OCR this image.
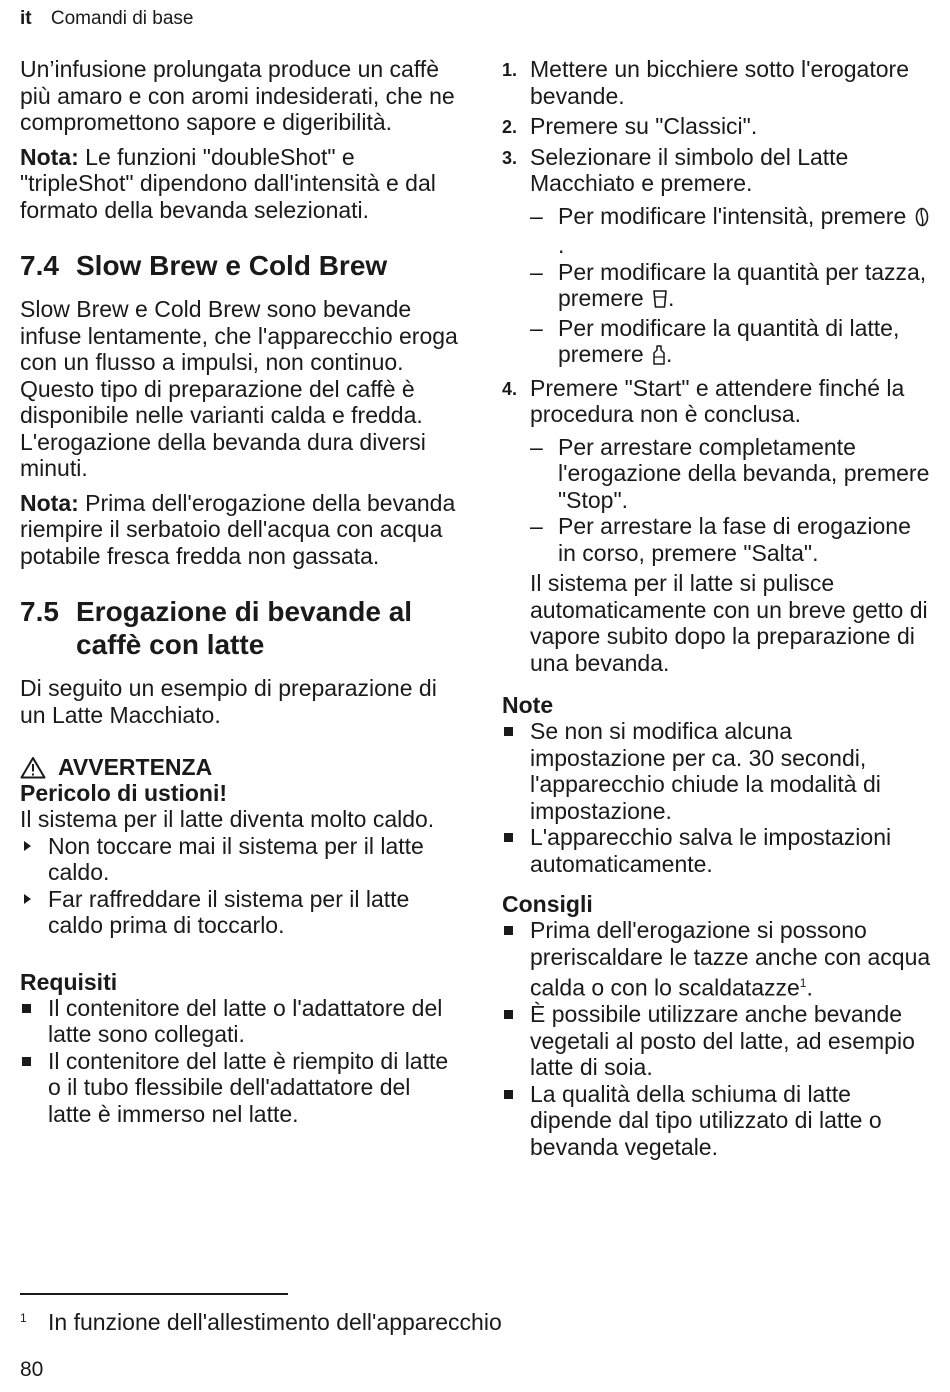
it Comandi di base

Un’infusione prolungata produce un caffè più amaro e con aromi indesiderati, che ne compromettono sapore e digeribilità.

Nota: Le funzioni "doubleShot" e "tripleShot" dipendono dall'intensità e dal formato della bevanda selezionati.

7.4 Slow Brew e Cold Brew

Slow Brew e Cold Brew sono bevande infuse lentamente, che l'apparecchio eroga con un flusso a impulsi, non continuo. Questo tipo di preparazione del caffè è disponibile nelle varianti calda e fredda. L'erogazione della bevanda dura diversi minuti.

Nota: Prima dell'erogazione della bevanda riempire il serbatoio dell'acqua con acqua potabile fresca fredda non gassata.

7.5 Erogazione di bevande al caffè con latte

Di seguito un esempio di preparazione di un Latte Macchiato.

AVVERTENZA
Pericolo di ustioni!

Il sistema per il latte diventa molto caldo.

Non toccare mai il sistema per il latte caldo.
Far raffreddare il sistema per il latte caldo prima di toccarlo.
Requisiti
Il contenitore del latte o l'adattatore del latte sono collegati.
Il contenitore del latte è riempito di latte o il tubo flessibile dell'adattatore del latte è immerso nel latte.
1. Mettere un bicchiere sotto l'erogatore bevande.
2. Premere su "Classici".
3. Selezionare il simbolo del Latte Macchiato e premere.
– Per modificare l'intensità, premere .
– Per modificare la quantità per tazza, premere .
– Per modificare la quantità di latte, premere .
4. Premere "Start" e attendere finché la procedura non è conclusa.
– Per arrestare completamente l'erogazione della bevanda, premere "Stop".
– Per arrestare la fase di erogazione in corso, premere "Salta".
Il sistema per il latte si pulisce automaticamente con un breve getto di vapore subito dopo la preparazione di una bevanda.
Note
Se non si modifica alcuna impostazione per ca. 30 secondi, l'apparecchio chiude la modalità di impostazione.
L'apparecchio salva le impostazioni automaticamente.
Consigli
Prima dell'erogazione si possono preriscaldare le tazze anche con acqua calda o con lo scaldatazze$^1$.
È possibile utilizzare anche bevande vegetali al posto del latte, ad esempio latte di soia.
La qualità della schiuma di latte dipende dal tipo utilizzato di latte o bevanda vegetale.
1 In funzione dell'allestimento dell'apparecchio
80
